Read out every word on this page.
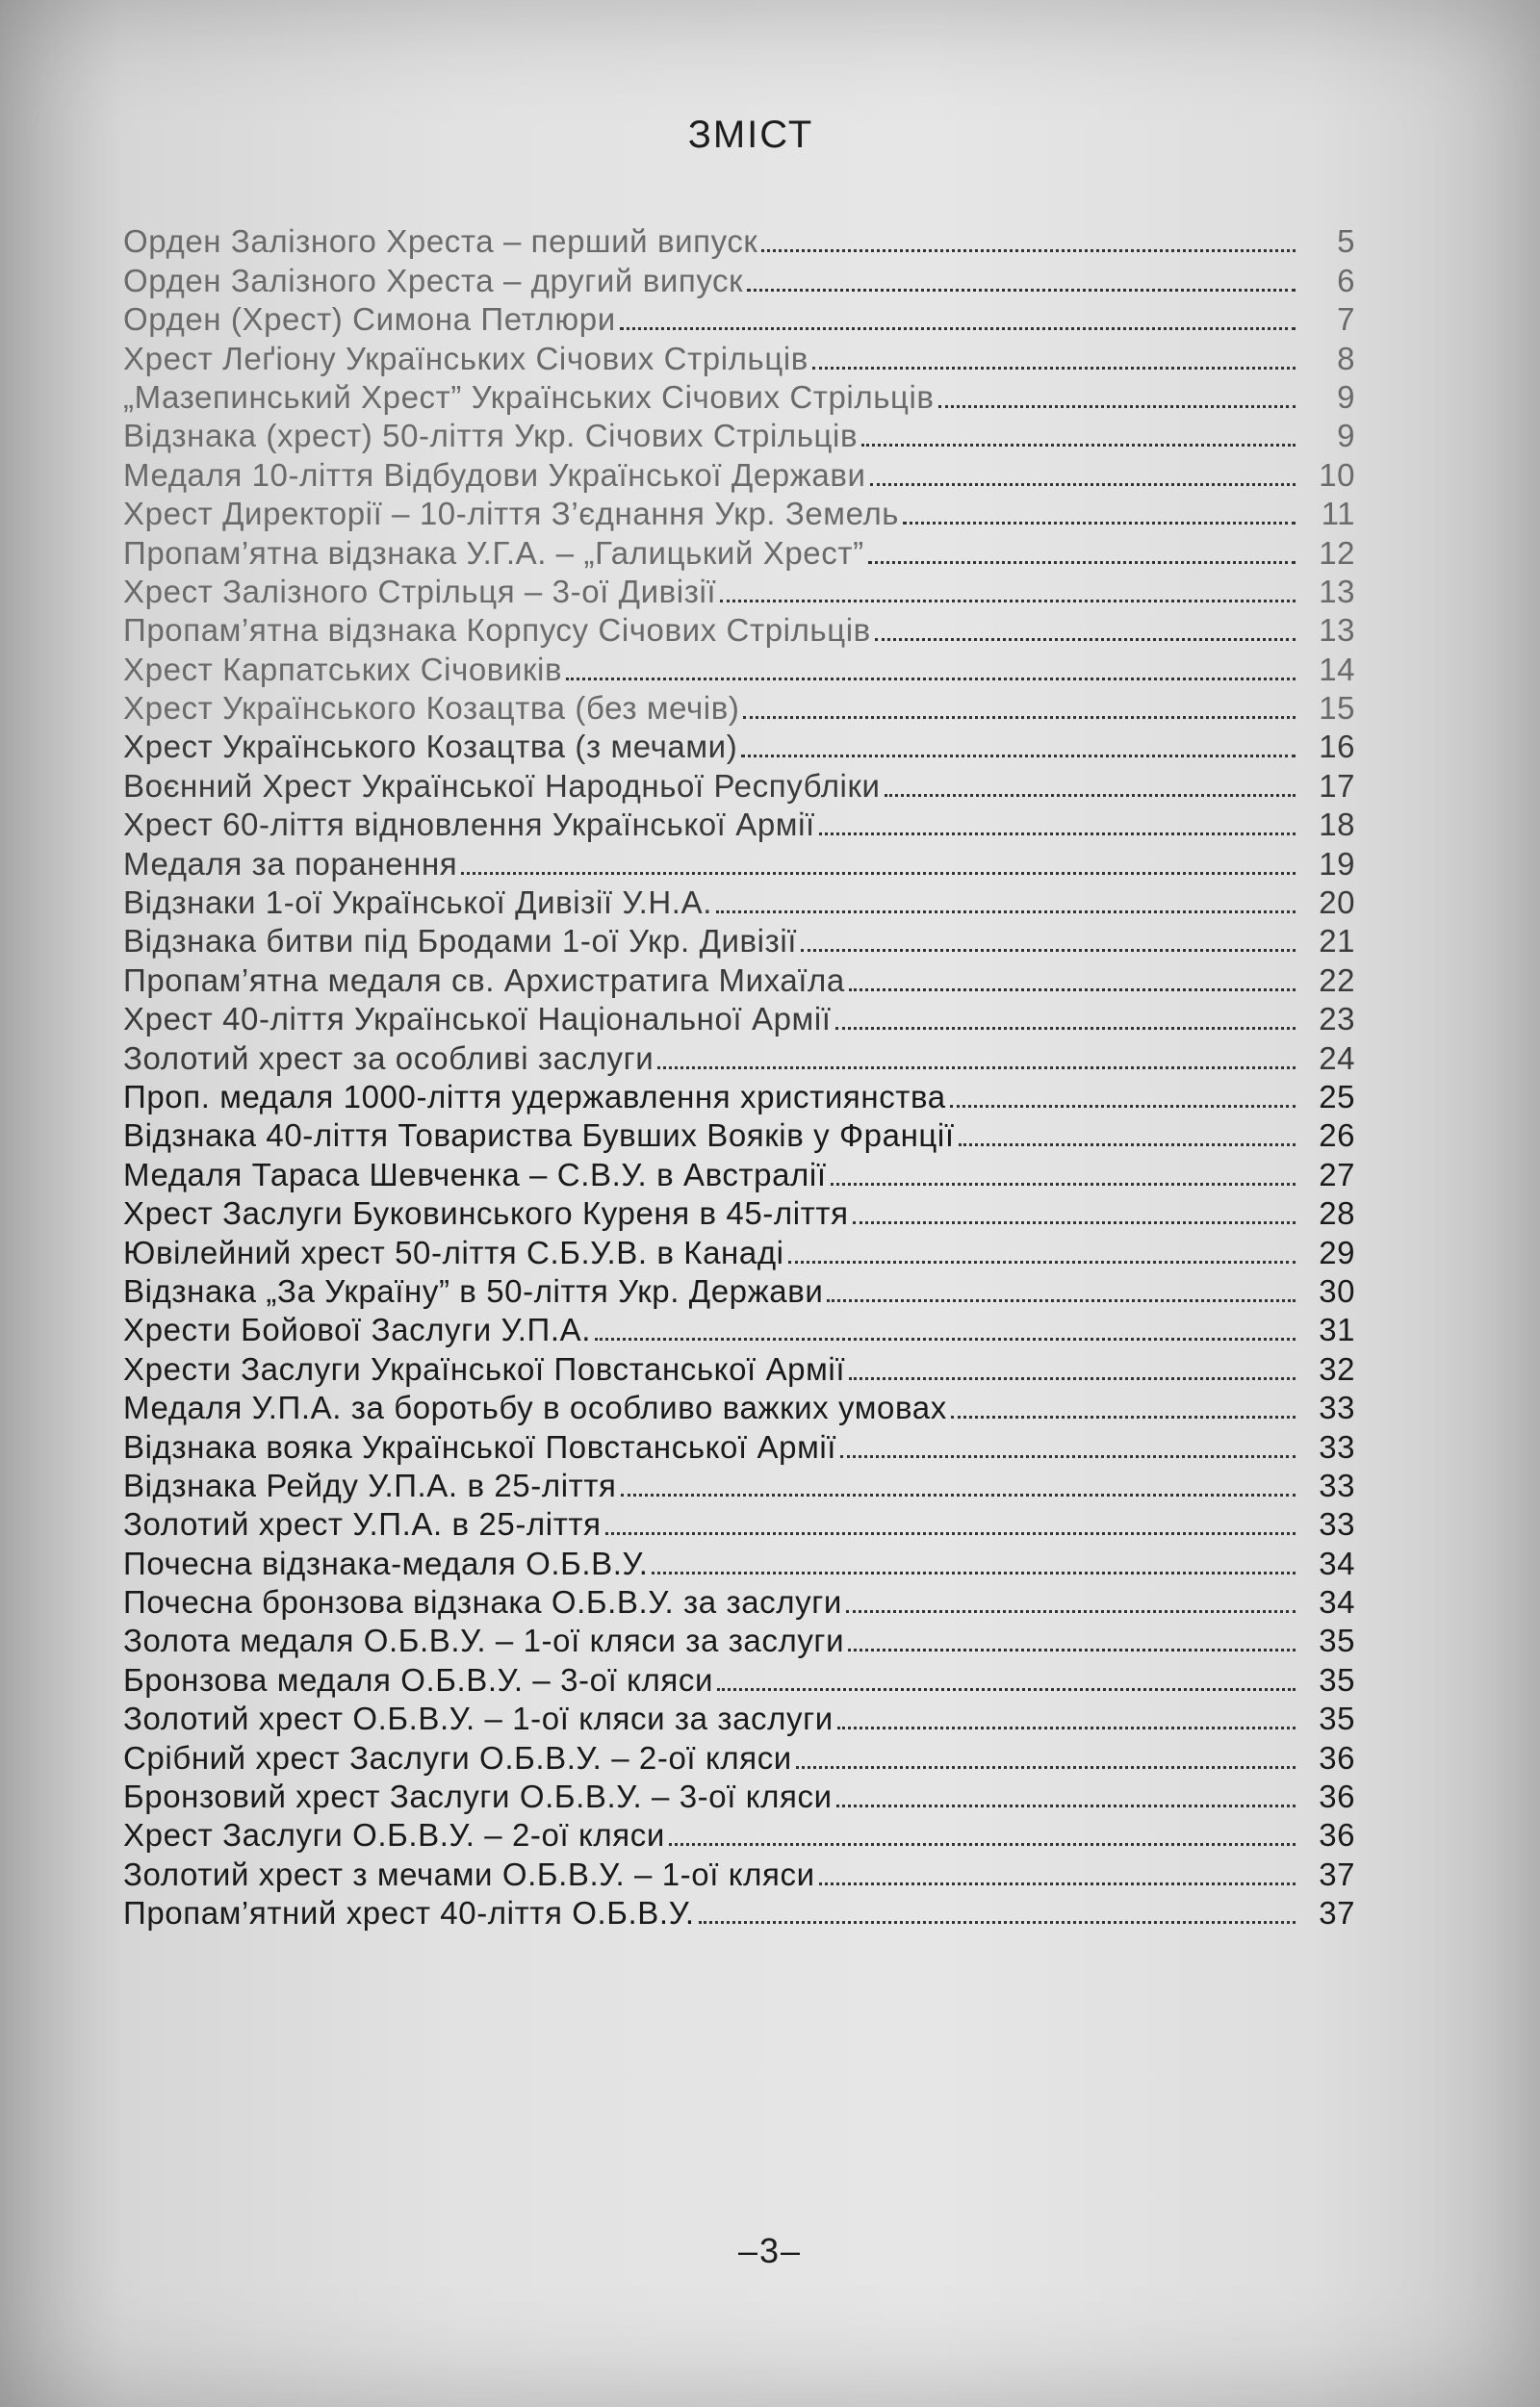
ЗМІСТ
Орден Залізного Хреста – перший випуск	5
Орден Залізного Хреста – другий випуск	6
Орден (Хрест) Симона Петлюри	7
Хрест Леґіону Українських Січових Стрільців	8
„Мазепинський Хрест” Українських Січових Стрільців	9
Відзнака (хрест) 50-ліття Укр. Січових Стрільців	9
Медаля 10-ліття Відбудови Української Держави	10
Хрест Директорії – 10-ліття З’єднання Укр. Земель	11
Пропам’ятна відзнака У.Г.А. – „Галицький Хрест”	12
Хрест Залізного Стрільця – 3-ої Дивізії	13
Пропам’ятна відзнака Корпусу Січових Стрільців	13
Хрест Карпатських Січовиків	14
Хрест Українського Козацтва (без мечів)	15
Хрест Українського Козацтва (з мечами)	16
Воєнний Хрест Української Народньої Республіки	17
Хрест 60-ліття відновлення Української Армії	18
Медаля за поранення	19
Відзнаки 1-ої Української Дивізії У.Н.А.	20
Відзнака битви під Бродами 1-ої Укр. Дивізії	21
Пропам’ятна медаля св. Архистратига Михаїла	22
Хрест 40-ліття Української Національної Армії	23
Золотий хрест за особливі заслуги	24
Проп. медаля 1000-ліття удержавлення християнства	25
Відзнака 40-ліття Товариства Бувших Вояків у Франції	26
Медаля Тараса Шевченка – С.В.У. в Австралії	27
Хрест Заслуги Буковинського Куреня в 45-ліття	28
Ювілейний хрест 50-ліття С.Б.У.В. в Канаді	29
Відзнака „За Україну” в 50-ліття Укр. Держави	30
Хрести Бойової Заслуги У.П.А.	31
Хрести Заслуги Української Повстанської Армії	32
Медаля У.П.А. за боротьбу в особливо важких умовах	33
Відзнака вояка Української Повстанської Армії	33
Відзнака Рейду У.П.А. в 25-ліття	33
Золотий хрест У.П.А. в 25-ліття	33
Почесна відзнака-медаля О.Б.В.У.	34
Почесна бронзова відзнака О.Б.В.У. за заслуги	34
Золота медаля О.Б.В.У. – 1-ої кляси за заслуги	35
Бронзова медаля О.Б.В.У. – 3-ої кляси	35
Золотий хрест О.Б.В.У. – 1-ої кляси за заслуги	35
Срібний хрест Заслуги О.Б.В.У. – 2-ої кляси	36
Бронзовий хрест Заслуги О.Б.В.У. – 3-ої кляси	36
Хрест Заслуги О.Б.В.У. – 2-ої кляси	36
Золотий хрест з мечами О.Б.В.У. – 1-ої кляси	37
Пропам’ятний хрест 40-ліття О.Б.В.У.	37
–3–
